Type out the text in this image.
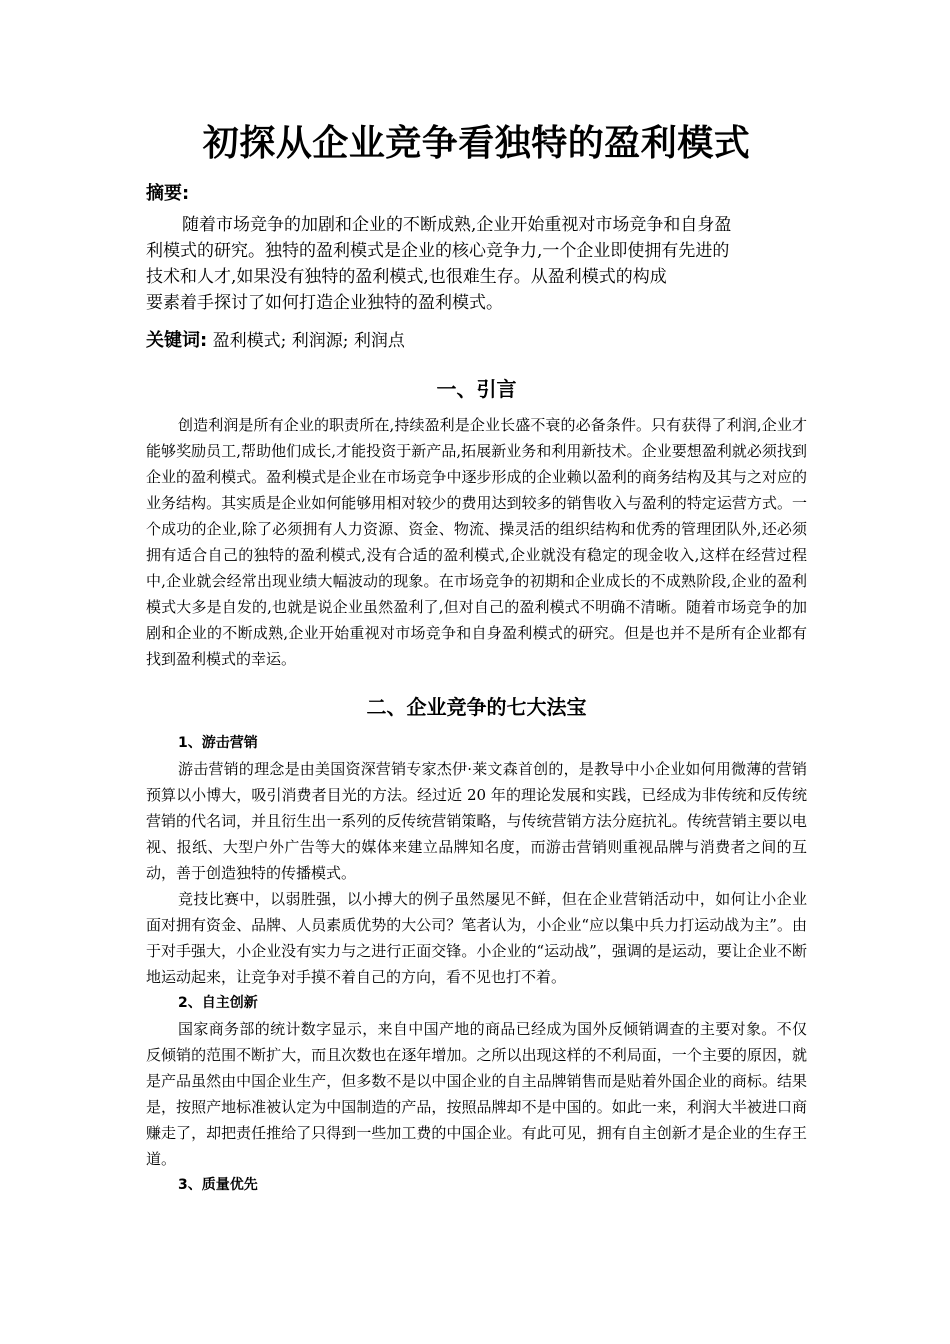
初探从企业竞争看独特的盈利模式
摘要:

随着市场竞争的加剧和企业的不断成熟,企业开始重视对市场竞争和自身盈
利模式的研究。独特的盈利模式是企业的核心竞争力,一个企业即使拥有先进的
技术和人才,如果没有独特的盈利模式,也很难生存。从盈利模式的构成
要素着手探讨了如何打造企业独特的盈利模式。

关键词: 盈利模式; 利润源; 利润点

一、引言

创造利润是所有企业的职责所在,持续盈利是企业长盛不衰的必备条件。只有获得了利润,企业才能够奖励员工,帮助他们成长,才能投资于新产品,拓展新业务和利用新技术。企业要想盈利就必须找到企业的盈利模式。盈利模式是企业在市场竞争中逐步形成的企业赖以盈利的商务结构及其与之对应的业务结构。其实质是企业如何能够用相对较少的费用达到较多的销售收入与盈利的特定运营方式。一个成功的企业,除了必须拥有人力资源、资金、物流、操灵活的组织结构和优秀的管理团队外,还必须拥有适合自己的独特的盈利模式,没有合适的盈利模式,企业就没有稳定的现金收入,这样在经营过程中,企业就会经常出现业绩大幅波动的现象。在市场竞争的初期和企业成长的不成熟阶段,企业的盈利模式大多是自发的,也就是说企业虽然盈利了,但对自己的盈利模式不明确不清晰。随着市场竞争的加剧和企业的不断成熟,企业开始重视对市场竞争和自身盈利模式的研究。但是也并不是所有企业都有找到盈利模式的幸运。

二、企业竞争的七大法宝
1、游击营销

游击营销的理念是由美国资深营销专家杰伊·莱文森首创的，是教导中小企业如何用微薄的营销预算以小博大，吸引消费者目光的方法。经过近 20 年的理论发展和实践，已经成为非传统和反传统营销的代名词，并且衍生出一系列的反传统营销策略，与传统营销方法分庭抗礼。传统营销主要以电视、报纸、大型户外广告等大的媒体来建立品牌知名度，而游击营销则重视品牌与消费者之间的互动，善于创造独特的传播模式。

竞技比赛中，以弱胜强，以小搏大的例子虽然屡见不鲜，但在企业营销活动中，如何让小企业面对拥有资金、品牌、人员素质优势的大公司？笔者认为，小企业“应以集中兵力打运动战为主”。由于对手强大，小企业没有实力与之进行正面交锋。小企业的“运动战”，强调的是运动，要让企业不断地运动起来，让竞争对手摸不着自己的方向，看不见也打不着。

2、自主创新

国家商务部的统计数字显示，来自中国产地的商品已经成为国外反倾销调查的主要对象。不仅反倾销的范围不断扩大，而且次数也在逐年增加。之所以出现这样的不利局面，一个主要的原因，就是产品虽然由中国企业生产，但多数不是以中国企业的自主品牌销售而是贴着外国企业的商标。结果是，按照产地标准被认定为中国制造的产品，按照品牌却不是中国的。如此一来，利润大半被进口商赚走了，却把责任推给了只得到一些加工费的中国企业。有此可见，拥有自主创新才是企业的生存王道。

3、质量优先
